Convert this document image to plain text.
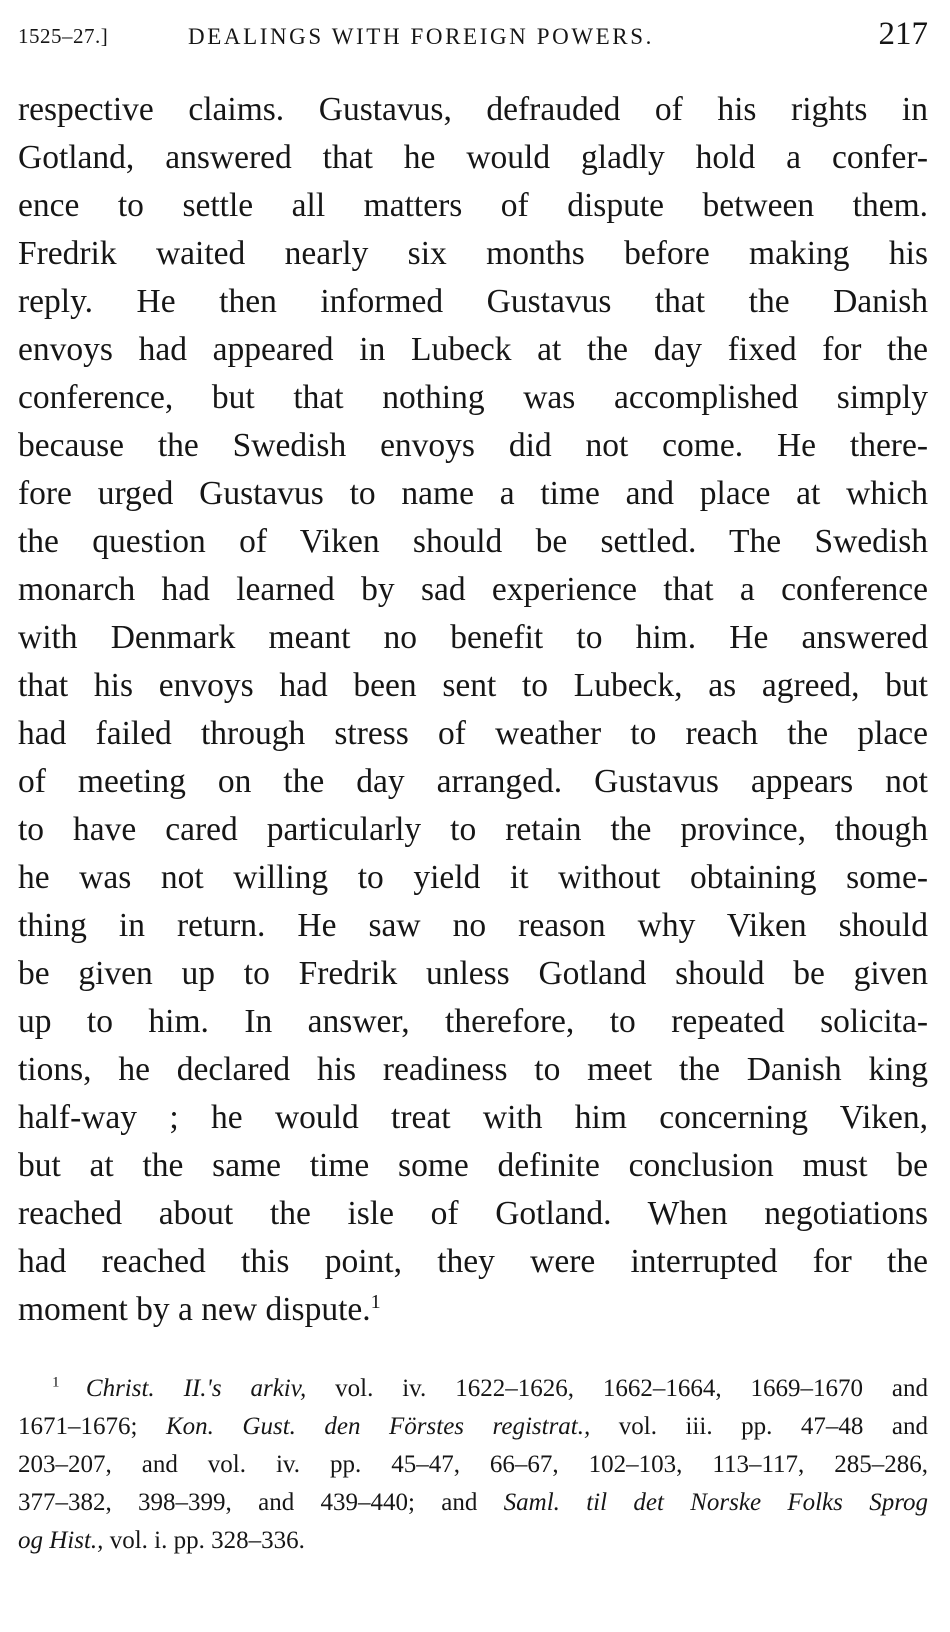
1525–27.]	DEALINGS WITH FOREIGN POWERS.	217
respective claims. Gustavus, defrauded of his rights in
Gotland, answered that he would gladly hold a confer-
ence to settle all matters of dispute between them.
Fredrik waited nearly six months before making his
reply. He then informed Gustavus that the Danish
envoys had appeared in Lubeck at the day fixed for the
conference, but that nothing was accomplished simply
because the Swedish envoys did not come. He there-
fore urged Gustavus to name a time and place at which
the question of Viken should be settled. The Swedish
monarch had learned by sad experience that a conference
with Denmark meant no benefit to him. He answered
that his envoys had been sent to Lubeck, as agreed, but
had failed through stress of weather to reach the place
of meeting on the day arranged. Gustavus appears not
to have cared particularly to retain the province, though
he was not willing to yield it without obtaining some-
thing in return. He saw no reason why Viken should
be given up to Fredrik unless Gotland should be given
up to him. In answer, therefore, to repeated solicita-
tions, he declared his readiness to meet the Danish king
half-way ; he would treat with him concerning Viken,
but at the same time some definite conclusion must be
reached about the isle of Gotland. When negotiations
had reached this point, they were interrupted for the
moment by a new dispute.$^1$
$^1$ Christ. II.'s arkiv, vol. iv. 1622–1626, 1662–1664, 1669–1670 and
1671–1676; Kon. Gust. den Förstes registrat., vol. iii. pp. 47–48 and
203–207, and vol. iv. pp. 45–47, 66–67, 102–103, 113–117, 285–286,
377–382, 398–399, and 439–440; and Saml. til det Norske Folks Sprog
og Hist., vol. i. pp. 328–336.
